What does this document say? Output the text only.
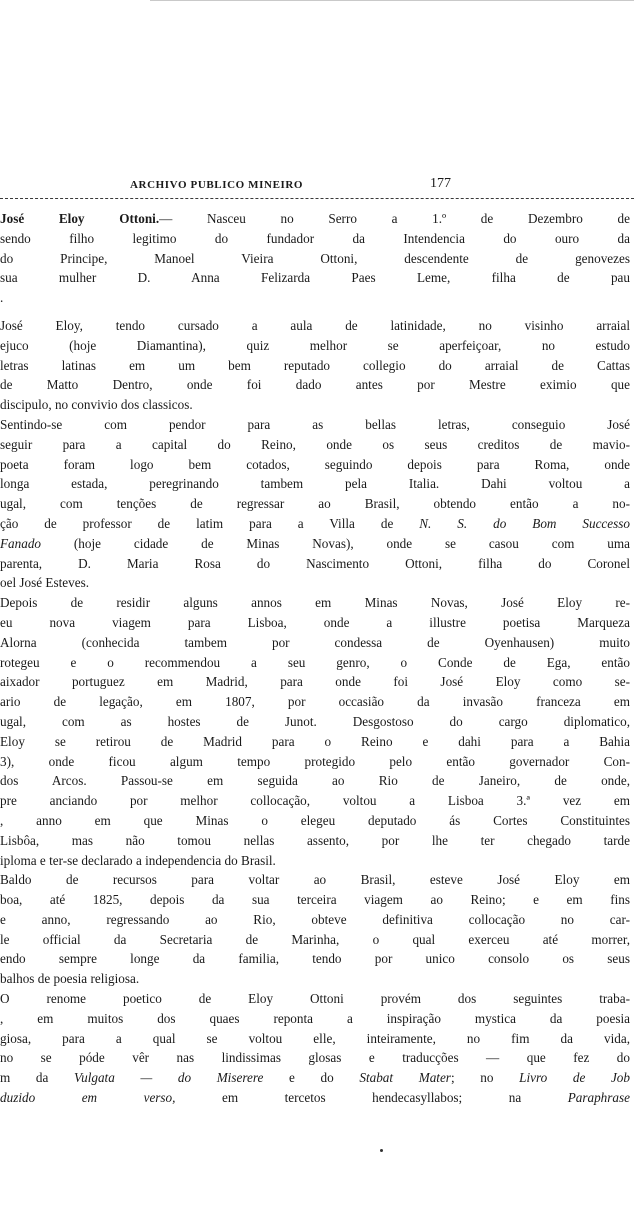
ARCHIVO PUBLICO MINEIRO	177
José Eloy Ottoni.— Nasceu no Serro a 1.º de Dezembro de
sendo filho legitimo do fundador da Intendencia do ouro da
do Principe, Manoel Vieira Ottoni, descendente de genovezes
sua mulher D. Anna Felizarda Paes Leme, filha de pau
.
José Eloy, tendo cursado a aula de latinidade, no visinho arraial
ejuco (hoje Diamantina), quiz melhor se aperfeiçoar, no estudo
letras latinas em um bem reputado collegio do arraial de Cattas
de Matto Dentro, onde foi dado antes por Mestre eximio que
discipulo, no convivio dos classicos.
Sentindo-se com pendor para as bellas letras, conseguio José
seguir para a capital do Reino, onde os seus creditos de mavio-
poeta foram logo bem cotados, seguindo depois para Roma, onde
longa estada, peregrinando tambem pela Italia. Dahi voltou a
ugal, com tenções de regressar ao Brasil, obtendo então a no-
ção de professor de latim para a Villa de N. S. do Bom Successo
Fanado (hoje cidade de Minas Novas), onde se casou com uma
parenta, D. Maria Rosa do Nascimento Ottoni, filha do Coronel
oel José Esteves.
Depois de residir alguns annos em Minas Novas, José Eloy re-
eu nova viagem para Lisboa, onde a illustre poetisa Marqueza
Alorna (conhecida tambem por condessa de Oyenhausen) muito
rotegeu e o recommendou a seu genro, o Conde de Ega, então
aixador portuguez em Madrid, para onde foi José Eloy como se-
ario de legação, em 1807, por occasião da invasão franceza em
ugal, com as hostes de Junot. Desgostoso do cargo diplomatico,
Eloy se retirou de Madrid para o Reino e dahi para a Bahia
3), onde ficou algum tempo protegido pelo então governador Con-
dos Arcos. Passou-se em seguida ao Rio de Janeiro, de onde,
pre anciando por melhor collocação, voltou a Lisboa 3.ª vez em
, anno em que Minas o elegeu deputado ás Cortes Constituintes
Lisbôa, mas não tomou nellas assento, por lhe ter chegado tarde
iploma e ter-se declarado a independencia do Brasil.
Baldo de recursos para voltar ao Brasil, esteve José Eloy em
boa, até 1825, depois da sua terceira viagem ao Reino; e em fins
e anno, regressando ao Rio, obteve definitiva collocação no car-
le official da Secretaria de Marinha, o qual exerceu até morrer,
endo sempre longe da familia, tendo por unico consolo os seus
balhos de poesia religiosa.
O renome poetico de Eloy Ottoni provém dos seguintes traba-
, em muitos dos quaes reponta a inspiração mystica da poesia
giosa, para a qual se voltou elle, inteiramente, no fim da vida,
no se póde vêr nas lindissimas glosas e traducções — que fez do
m da Vulgata — do Miserere e do Stabat Mater; no Livro de Job
duzido em verso, em tercetos hendecasyllabos; na Paraphrase
